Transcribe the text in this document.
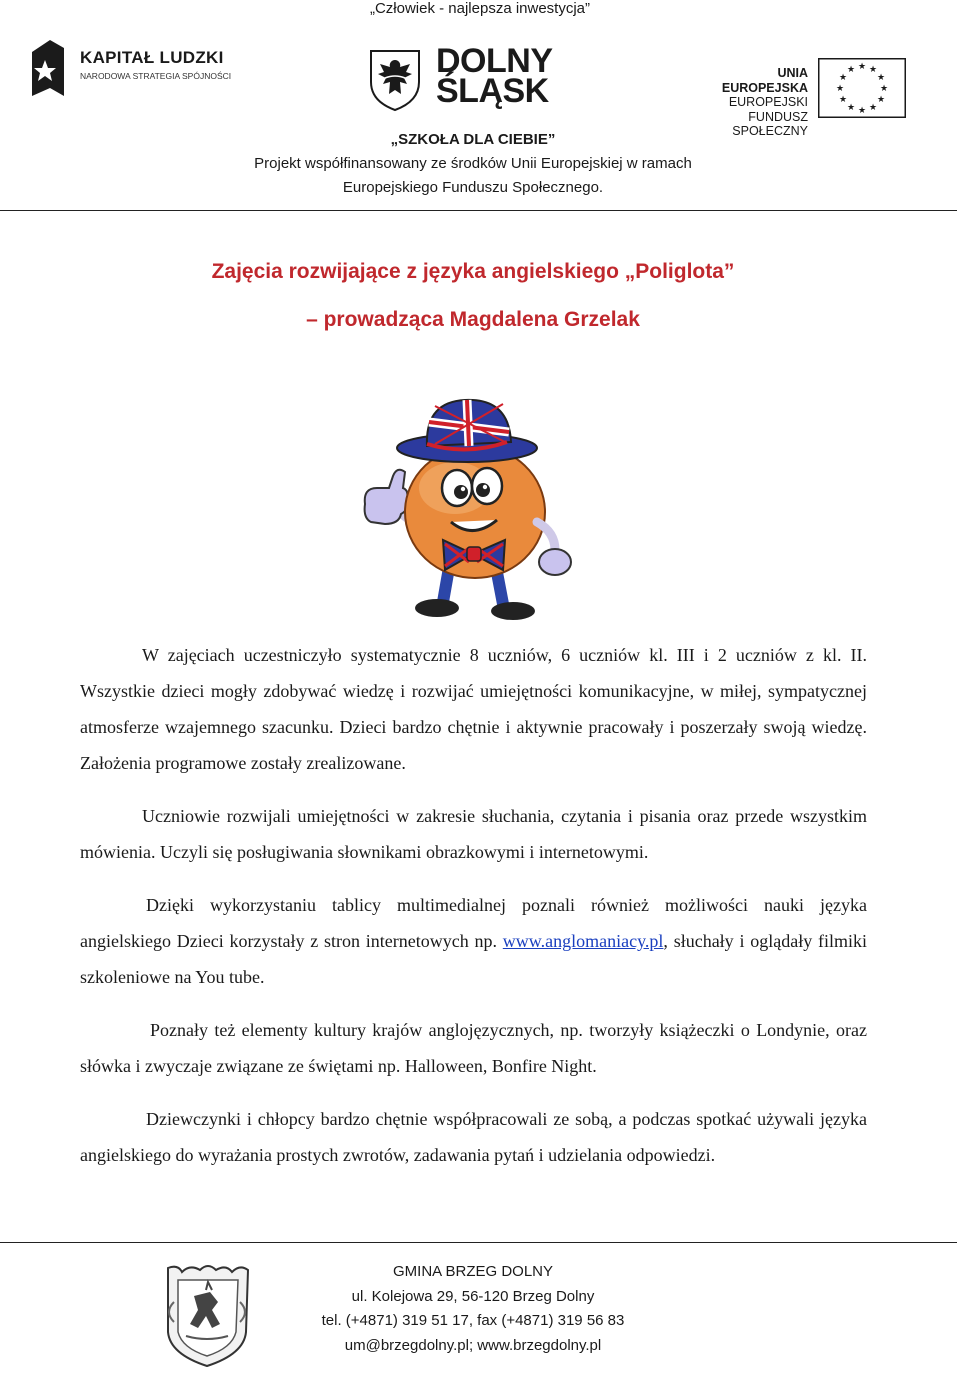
„Człowiek - najlepsza inwestycja”
KAPITAŁ LUDZKI
NARODOWA STRATEGIA SPÓJNOŚCI	DOLNY
ŚLĄSK	UNIA EUROPEJSKA
EUROPEJSKI
FUNDUSZ SPOŁECZNY
★ ★
★
★
★
★
★
★
★
★
★
★
„SZKOŁA DLA CIEBIE”
Projekt współfinansowany ze środków Unii Europejskiej w ramach
Europejskiego Funduszu Społecznego.
Zajęcia rozwijające z języka angielskiego „Poliglota”
– prowadząca Magdalena Grzelak

W zajęciach uczestniczyło systematycznie 8 uczniów, 6 uczniów kl. III i 2 uczniów z kl. II. Wszystkie dzieci mogły zdobywać wiedzę i rozwijać umiejętności komunikacyjne, w miłej, sympatycznej atmosferze wzajemnego szacunku. Dzieci bardzo chętnie i aktywnie pracowały i poszerzały swoją wiedzę. Założenia programowe zostały zrealizowane.

Uczniowie rozwijali umiejętności w zakresie słuchania, czytania i pisania oraz przede wszystkim mówienia. Uczyli się posługiwania słownikami obrazkowymi i internetowymi.

Dzięki wykorzystaniu tablicy multimedialnej poznali również możliwości nauki języka angielskiego Dzieci korzystały z stron internetowych np. www.anglomaniacy.pl, słuchały i oglądały filmiki szkoleniowe na You tube.

Poznały też elementy kultury krajów anglojęzycznych, np. tworzyły książeczki o Londynie, oraz słówka i zwyczaje związane ze świętami np. Halloween, Bonfire Night.

Dziewczynki i chłopcy bardzo chętnie współpracowali ze sobą, a podczas spotkać używali języka angielskiego do wyrażania prostych zwrotów, zadawania pytań i udzielania odpowiedzi.

GMINA BRZEG DOLNY
ul. Kolejowa 29, 56-120 Brzeg Dolny
tel. (+4871) 319 51 17, fax (+4871) 319 56 83
um@brzegdolny.pl; www.brzegdolny.pl
